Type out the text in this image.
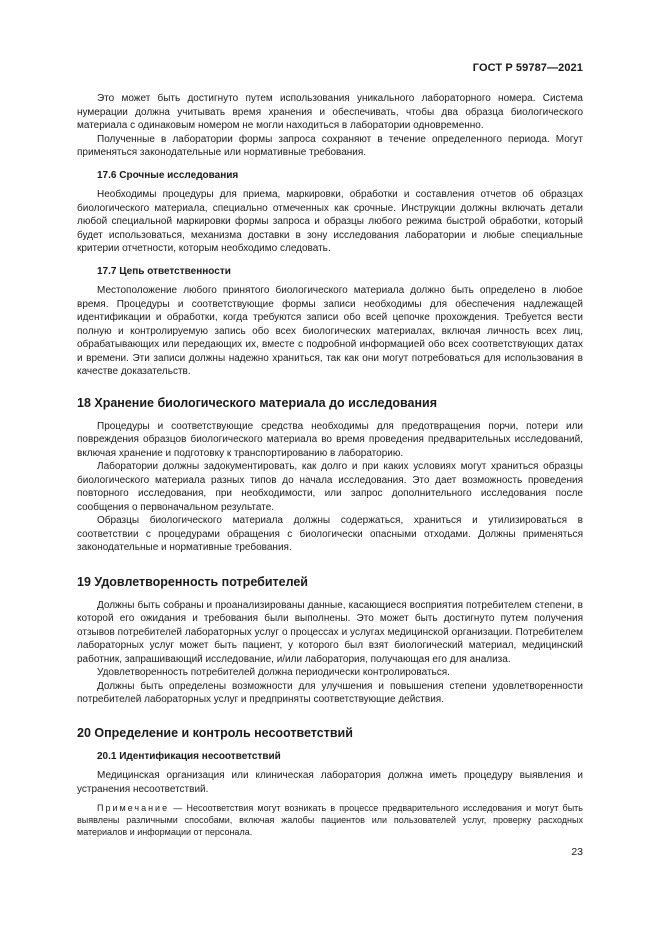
ГОСТ Р 59787—2021

Это может быть достигнуто путем использования уникального лабораторного номера. Система нумерации должна учитывать время хранения и обеспечивать, чтобы два образца биологического материала с одинаковым номером не могли находиться в лаборатории одновременно.

Полученные в лаборатории формы запроса сохраняют в течение определенного периода. Могут применяться законодательные или нормативные требования.

17.6 Срочные исследования

Необходимы процедуры для приема, маркировки, обработки и составления отчетов об образцах биологического материала, специально отмеченных как срочные. Инструкции должны включать детали любой специальной маркировки формы запроса и образцы любого режима быстрой обработки, который будет использоваться, механизма доставки в зону исследования лаборатории и любые специальные критерии отчетности, которым необходимо следовать.

17.7 Цепь ответственности

Местоположение любого принятого биологического материала должно быть определено в любое время. Процедуры и соответствующие формы записи необходимы для обеспечения надлежащей идентификации и обработки, когда требуются записи обо всей цепочке прохождения. Требуется вести полную и контролируемую запись обо всех биологических материалах, включая личность всех лиц, обрабатывающих или передающих их, вместе с подробной информацией обо всех соответствующих датах и времени. Эти записи должны надежно храниться, так как они могут потребоваться для использования в качестве доказательств.

18 Хранение биологического материала до исследования

Процедуры и соответствующие средства необходимы для предотвращения порчи, потери или повреждения образцов биологического материала во время проведения предварительных исследований, включая хранение и подготовку к транспортированию в лабораторию.

Лаборатории должны задокументировать, как долго и при каких условиях могут храниться образцы биологического материала разных типов до начала исследования. Это дает возможность проведения повторного исследования, при необходимости, или запрос дополнительного исследования после сообщения о первоначальном результате.

Образцы биологического материала должны содержаться, храниться и утилизироваться в соответствии с процедурами обращения с биологически опасными отходами. Должны применяться законодательные и нормативные требования.

19 Удовлетворенность потребителей

Должны быть собраны и проанализированы данные, касающиеся восприятия потребителем степени, в которой его ожидания и требования были выполнены. Это может быть достигнуто путем получения отзывов потребителей лабораторных услуг о процессах и услугах медицинской организации. Потребителем лабораторных услуг может быть пациент, у которого был взят биологический материал, медицинский работник, запрашивающий исследование, и/или лаборатория, получающая его для анализа.

Удовлетворенность потребителей должна периодически контролироваться.

Должны быть определены возможности для улучшения и повышения степени удовлетворенности потребителей лабораторных услуг и предприняты соответствующие действия.

20 Определение и контроль несоответствий
20.1 Идентификация несоответствий

Медицинская организация или клиническая лаборатория должна иметь процедуру выявления и устранения несоответствий.

Примечание — Несоответствия могут возникать в процессе предварительного исследования и могут быть выявлены различными способами, включая жалобы пациентов или пользователей услуг, проверку расходных материалов и информации от персонала.

23
